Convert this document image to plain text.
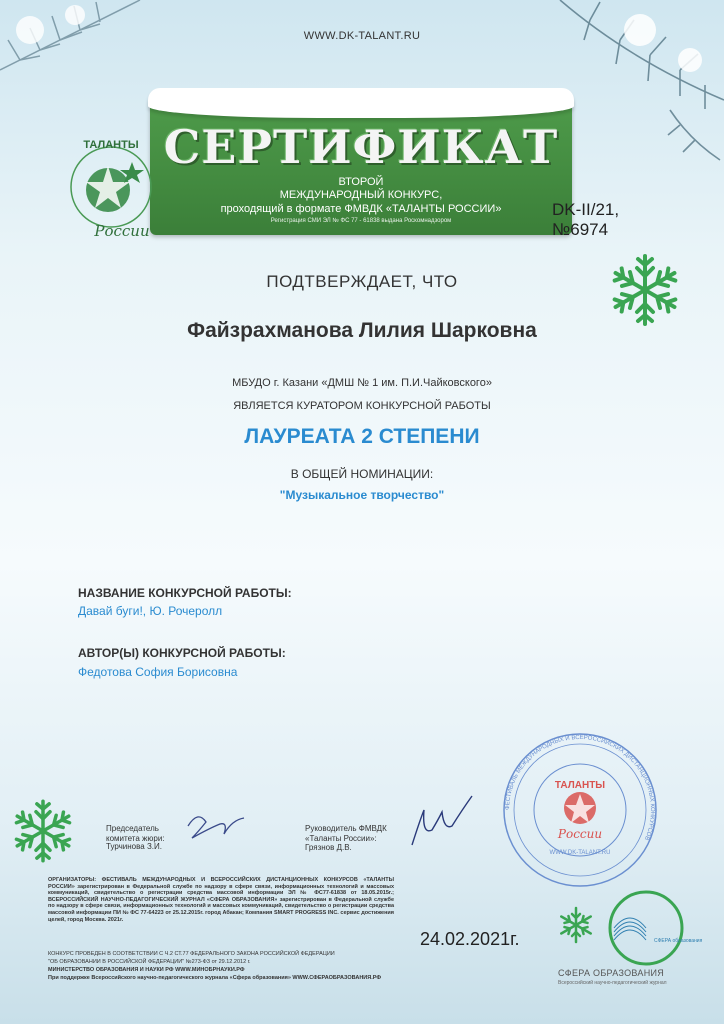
WWW.DK-TALANT.RU
СЕРТИФИКАТ
ВТОРОЙ
МЕЖДУНАРОДНЫЙ КОНКУРС,
проходящий в формате ФМВДК «ТАЛАНТЫ РОССИИ»
Регистрация СМИ ЭЛ № ФС 77 - 61838 выдана Роскомнадзором
ТАЛАНТЫ
России
DK-II/21,
№6974
ПОДТВЕРЖДАЕТ, ЧТО
Файзрахманова Лилия Шарковна
МБУДО г. Казани «ДМШ № 1 им. П.И.Чайковского»
ЯВЛЯЕТСЯ КУРАТОРОМ КОНКУРСНОЙ РАБОТЫ
ЛАУРЕАТА 2 СТЕПЕНИ
В ОБЩЕЙ НОМИНАЦИИ:
"Музыкальное творчество"
НАЗВАНИЕ КОНКУРСНОЙ РАБОТЫ:
Давай буги!, Ю. Рочеролл
АВТОР(Ы) КОНКУРСНОЙ РАБОТЫ:
Федотова София Борисовна
Председатель комитета жюри:
Турчинова З.И.
Руководитель ФМВДК «Таланты России»:
Грязнов Д.В.
ОРГАНИЗАТОРЫ: ФЕСТИВАЛЬ МЕЖДУНАРОДНЫХ И ВСЕРОССИЙСКИХ ДИСТАНЦИОННЫХ КОНКУРСОВ «ТАЛАНТЫ РОССИИ» зарегистрирован в Федеральной службе по надзору в сфере связи, информационных технологий и массовых коммуникаций, свидетельство о регистрации средства массовой информации ЭЛ № ФС77-61838 от 18.05.2015г.; ВСЕРОССИЙСКИЙ НАУЧНО-ПЕДАГОГИЧЕСКИЙ ЖУРНАЛ «СФЕРА ОБРАЗОВАНИЯ» зарегистрирован в Федеральной службе по надзору в сфере связи, информационных технологий и массовых коммуникаций, свидетельство о регистрации средства массовой информации ПИ № ФС 77-64223 от 25.12.2015г. город Абакан; Компания SMART PROGRESS INC. сервис достижения целей, город Москва. 2021г.
КОНКУРС ПРОВЕДЕН В СООТВЕТСТВИИ С Ч.2 СТ.77 ФЕДЕРАЛЬНОГО ЗАКОНА РОССИЙСКОЙ ФЕДЕРАЦИИ
"ОБ ОБРАЗОВАНИИ В РОССИЙСКОЙ ФЕДЕРАЦИИ" №273-ФЗ от 29.12.2012 г.
МИНИСТЕРСТВО ОБРАЗОВАНИЯ И НАУКИ РФ WWW.МИНОБРНАУКИ.РФ
При поддержке Всероссийского научно-педагогического журнала «Сфера образования» WWW.СФЕРАОБРАЗОВАНИЯ.РФ
24.02.2021г.
ФЕСТИВАЛЬ МЕЖДУНАРОДНЫХ И ВСЕРОССИЙСКИХ ДИСТАНЦИОННЫХ КОНКУРСОВ
ТАЛАНТЫ
России
WWW.DK-TALANT.RU
СФЕРА образования
СФЕРА ОБРАЗОВАНИЯ
Всероссийский научно-педагогический журнал
